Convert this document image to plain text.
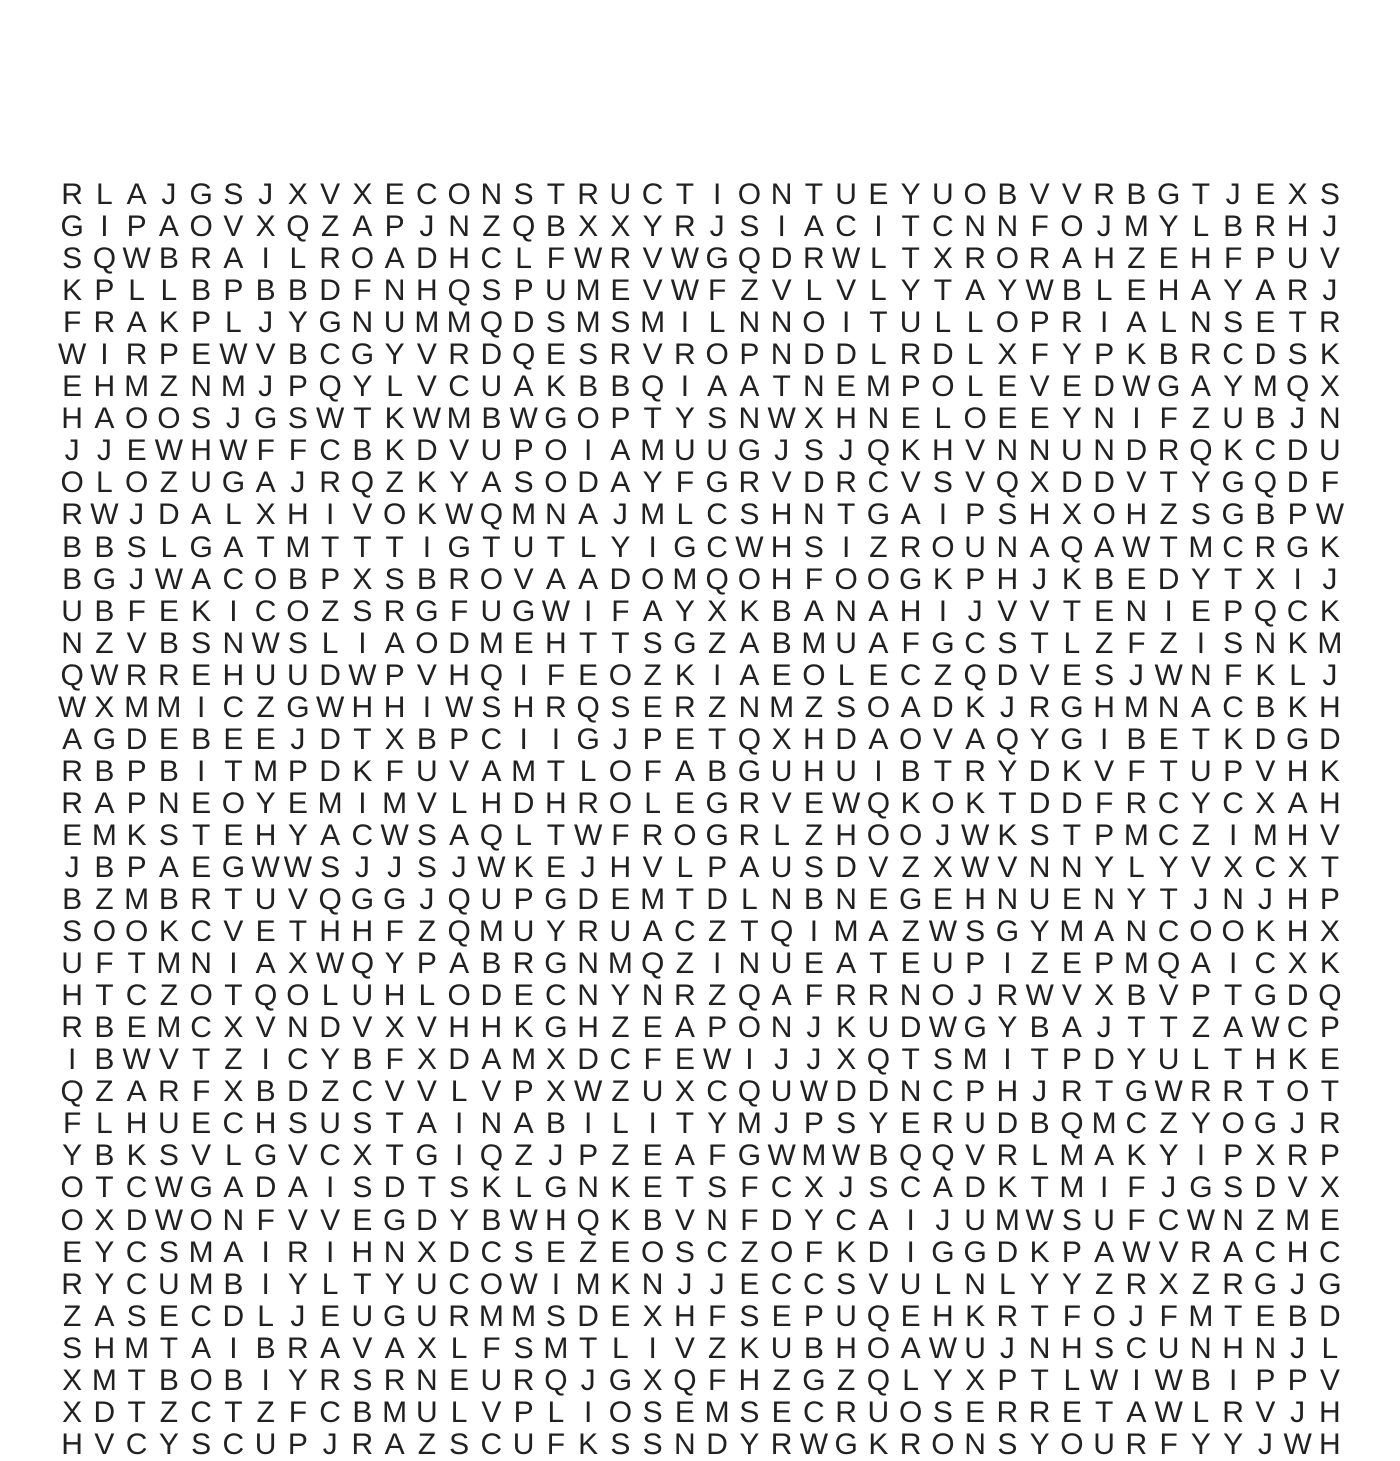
R L A J G S J X V X E C O N S T R U C T I O N T U E Y U O B V V R B G T J E X S
G I P A O V X Q Z A P J N Z Q B X X Y R J S I A C I T C N N F O J M Y L B R H J
S Q W B R A I L R O A D H C L F W R V W G Q D R W L T X R O R A H Z E H F P U V
K P L L B P B B D F N H Q S P U M E V W F Z V L V L Y T A Y W B L E H A Y A R J
F R A K P L J Y G N U M M Q D S M S M I L N N O I T U L L O P R I A L N S E T R
W I R P E W V B C G Y V R D Q E S R V R O P N D D L R D L X F Y P K B R C D S K
E H M Z N M J P Q Y L V C U A K B B Q I A A T N E M P O L E V E D W G A Y M Q X
H A O O S J G S W T K W M B W G O P T Y S N W X H N E L O E E Y N I F Z U B J N
J J E W H W F F C B K D V U P O I A M U U G J S J Q K H V N N U N D R Q K C D U
O L O Z U G A J R Q Z K Y A S O D A Y F G R V D R C V S V Q X D D V T Y G Q D F
R W J D A L X H I V O K W Q M N A J M L C S H N T G A I P S H X O H Z S G B P W
B B S L G A T M T T T I G T U T L Y I G C W H S I Z R O U N A Q A W T M C R G K
B G J W A C O B P X S B R O V A A D O M Q O H F O O G K P H J K B E D Y T X I J
U B F E K I C O Z S R G F U G W I F A Y X K B A N A H I J V V T E N I E P Q C K
N Z V B S N W S L I A O D M E H T T S G Z A B M U A F G C S T L Z F Z I S N K M
Q W R R E H U U D W P V H Q I F E O Z K I A E O L E C Z Q D V E S J W N F K L J
W X M M I C Z G W H H I W S H R Q S E R Z N M Z S O A D K J R G H M N A C B K H
A G D E B E E J D T X B P C I I G J P E T Q X H D A O V A Q Y G I B E T K D G D
R B P B I T M P D K F U V A M T L O F A B G U H U I B T R Y D K V F T U P V H K
R A P N E O Y E M I M V L H D H R O L E G R V E W Q K O K T D D F R C Y C X A H
E M K S T E H Y A C W S A Q L T W F R O G R L Z H O O J W K S T P M C Z I M H V
J B P A E G W W S J J S J W K E J H V L P A U S D V Z X W V N N Y L Y V X C X T
B Z M B R T U V Q G G J Q U P G D E M T D L N B N E G E H N U E N Y T J N J H P
S O O K C V E T H H F Z Q M U Y R U A C Z T Q I M A Z W S G Y M A N C O O K H X
U F T M N I A X W Q Y P A B R G N M Q Z I N U E A T E U P I Z E P M Q A I C X K
H T C Z O T Q O L U H L O D E C N Y N R Z Q A F R R N O J R W V X B V P T G D Q
R B E M C X V N D V X V H H K G H Z E A P O N J K U D W G Y B A J T T Z A W C P
I B W V T Z I C Y B F X D A M X D C F E W I J J X Q T S M I T P D Y U L T H K E
Q Z A R F X B D Z C V V L V P X W Z U X C Q U W D D N C P H J R T G W R R T O T
F L H U E C H S U S T A I N A B I L I T Y M J P S Y E R U D B Q M C Z Y O G J R
Y B K S V L G V C X T G I Q Z J P Z E A F G W M W B Q Q V R L M A K Y I P X R P
O T C W G A D A I S D T S K L G N K E T S F C X J S C A D K T M I F J G S D V X
O X D W O N F V V E G D Y B W H Q K B V N F D Y C A I J U M W S U F C W N Z M E
E Y C S M A I R I H N X D C S E Z E O S C Z O F K D I G G D K P A W V R A C H C
R Y C U M B I Y L T Y U C O W I M K N J J E C C S V U L N L Y Y Z R X Z R G J G
Z A S E C D L J E U G U R M M S D E X H F S E P U Q E H K R T F O J F M T E B D
S H M T A I B R A V A X L F S M T L I V Z K U B H O A W U J N H S C U N H N J L
X M T B O B I Y R S R N E U R Q J G X Q F H Z G Z Q L Y X P T L W I W B I P P V
X D T Z C T Z F C B M U L V P L I O S E M S E C R U O S E R R E T A W L R V J H
H V C Y S C U P J R A Z S C U F K S S N D Y R W G K R O N S Y O U R F Y Y J W H
